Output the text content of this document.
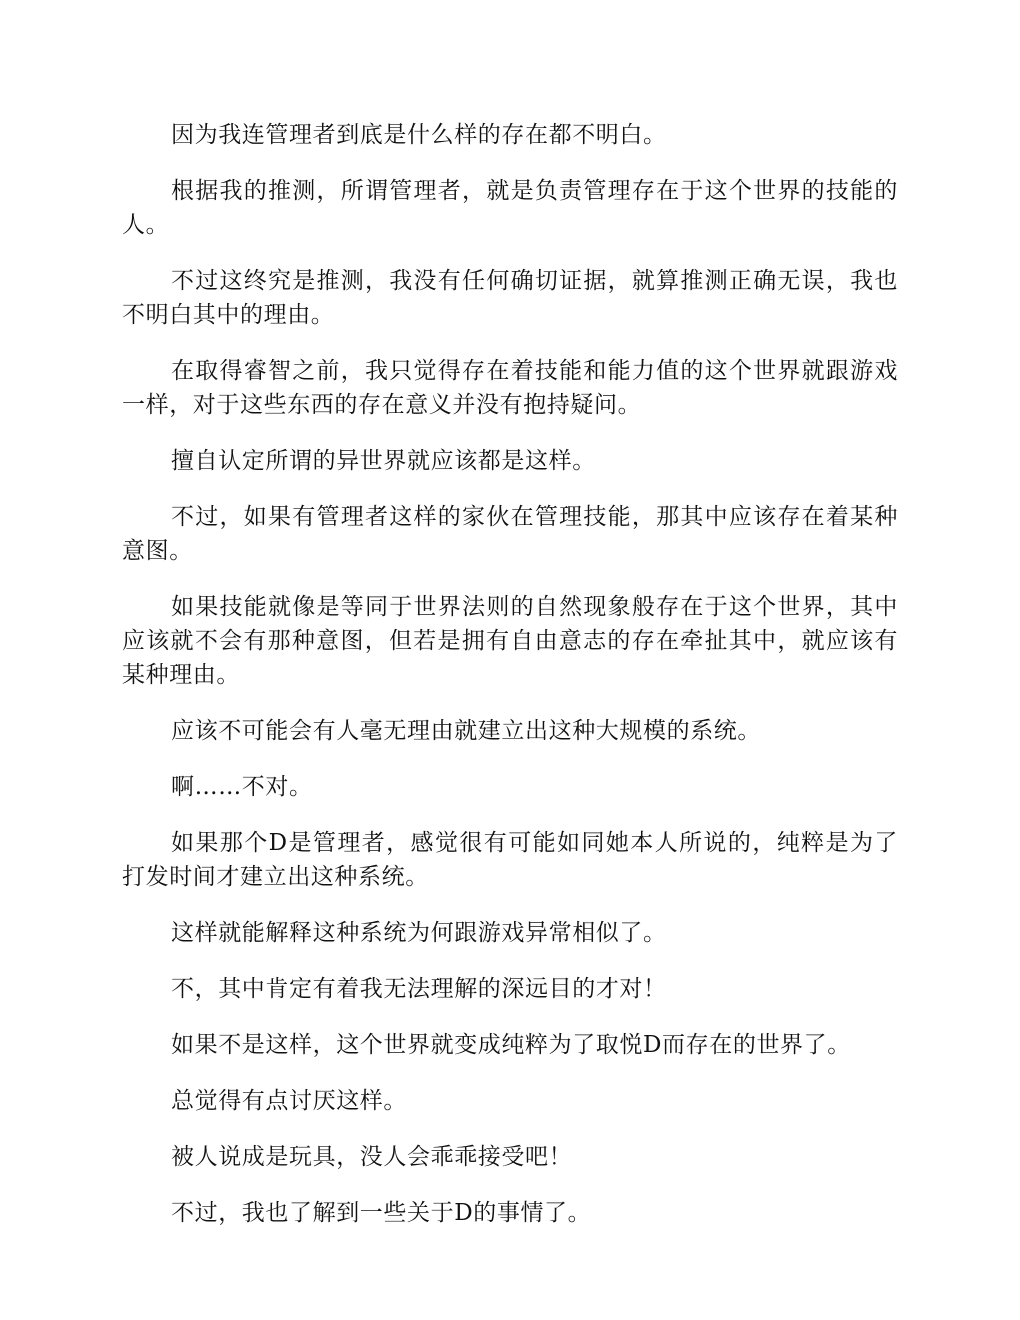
因为我连管理者到底是什么样的存在都不明白。

根据我的推测，所谓管理者，就是负责管理存在于这个世界的技能的人。

不过这终究是推测，我没有任何确切证据，就算推测正确无误，我也不明白其中的理由。

在取得睿智之前，我只觉得存在着技能和能力值的这个世界就跟游戏一样，对于这些东西的存在意义并没有抱持疑问。

擅自认定所谓的异世界就应该都是这样。

不过，如果有管理者这样的家伙在管理技能，那其中应该存在着某种意图。

如果技能就像是等同于世界法则的自然现象般存在于这个世界，其中应该就不会有那种意图，但若是拥有自由意志的存在牵扯其中，就应该有某种理由。

应该不可能会有人毫无理由就建立出这种大规模的系统。

啊……不对。

如果那个D是管理者，感觉很有可能如同她本人所说的，纯粹是为了打发时间才建立出这种系统。

这样就能解释这种系统为何跟游戏异常相似了。

不，其中肯定有着我无法理解的深远目的才对！

如果不是这样，这个世界就变成纯粹为了取悦D而存在的世界了。

总觉得有点讨厌这样。

被人说成是玩具，没人会乖乖接受吧！

不过，我也了解到一些关于D的事情了。
